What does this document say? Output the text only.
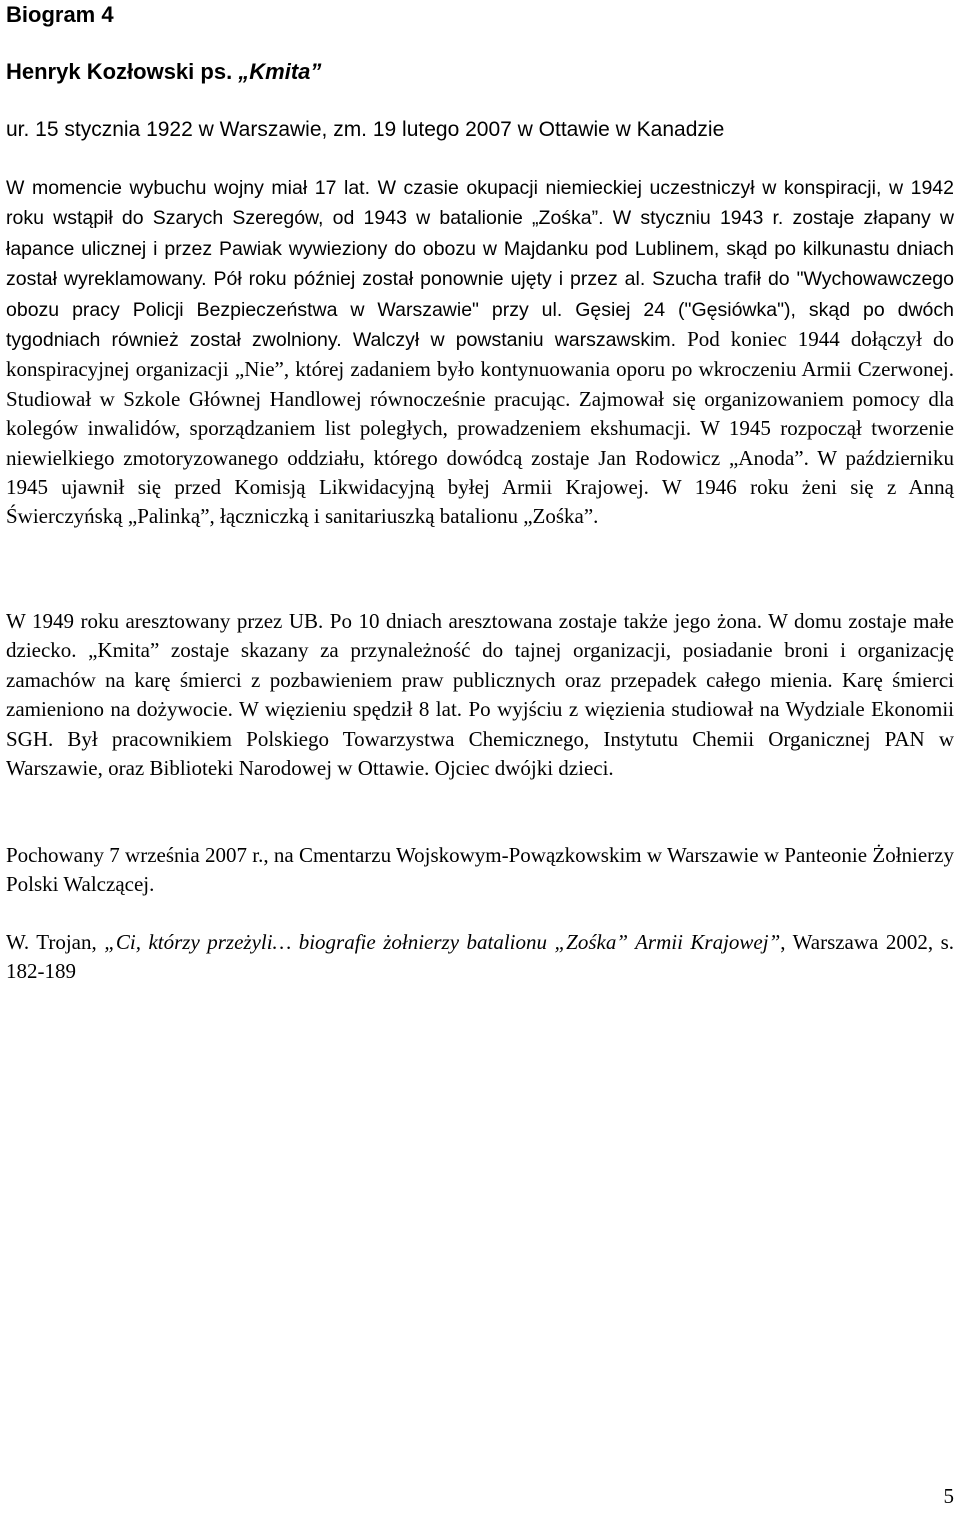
Biogram 4

Henryk Kozłowski ps. „Kmita”

ur. 15 stycznia 1922 w Warszawie, zm. 19 lutego 2007 w Ottawie w Kanadzie

W momencie wybuchu wojny miał 17 lat. W czasie okupacji niemieckiej uczestniczył w konspiracji, w 1942 roku wstąpił do Szarych Szeregów, od 1943 w batalionie „Zośka”. W styczniu 1943 r. zostaje złapany w łapance ulicznej i przez Pawiak wywieziony do obozu w Majdanku pod Lublinem, skąd po kilkunastu dniach został wyreklamowany. Pół roku później został ponownie ujęty i przez al. Szucha trafił do "Wychowawczego obozu pracy Policji Bezpieczeństwa w Warszawie" przy ul. Gęsiej 24 ("Gęsiówka"), skąd po dwóch tygodniach również został zwolniony. Walczył w powstaniu warszawskim. Pod koniec 1944 dołączył do konspiracyjnej organizacji „Nie”, której zadaniem było kontynuowania oporu po wkroczeniu Armii Czerwonej. Studiował w Szkole Głównej Handlowej równocześnie pracując. Zajmował się organizowaniem pomocy dla kolegów inwalidów, sporządzaniem list poległych, prowadzeniem ekshumacji. W 1945 rozpoczął tworzenie niewielkiego zmotoryzowanego oddziału, którego dowódcą zostaje Jan Rodowicz „Anoda”. W październiku 1945 ujawnił się przed Komisją Likwidacyjną byłej Armii Krajowej. W 1946 roku żeni się z Anną Świerczyńską „Palinką”, łączniczką i sanitariuszką batalionu „Zośka”.

W 1949 roku aresztowany przez UB. Po 10 dniach aresztowana zostaje także jego żona. W domu zostaje małe dziecko. „Kmita” zostaje skazany za przynależność do tajnej organizacji, posiadanie broni i organizację zamachów na karę śmierci z pozbawieniem praw publicznych oraz przepadek całego mienia. Karę śmierci zamieniono na dożywocie. W więzieniu spędził 8 lat. Po wyjściu z więzienia studiował na Wydziale Ekonomii SGH. Był pracownikiem Polskiego Towarzystwa Chemicznego, Instytutu Chemii Organicznej PAN w Warszawie, oraz Biblioteki Narodowej w Ottawie. Ojciec dwójki dzieci.

Pochowany 7 września 2007 r., na Cmentarzu Wojskowym-Powązkowskim w Warszawie w Panteonie Żołnierzy Polski Walczącej.

W. Trojan, „Ci, którzy przeżyli… biografie żołnierzy batalionu „Zośka” Armii Krajowej”, Warszawa 2002, s. 182-189

5
